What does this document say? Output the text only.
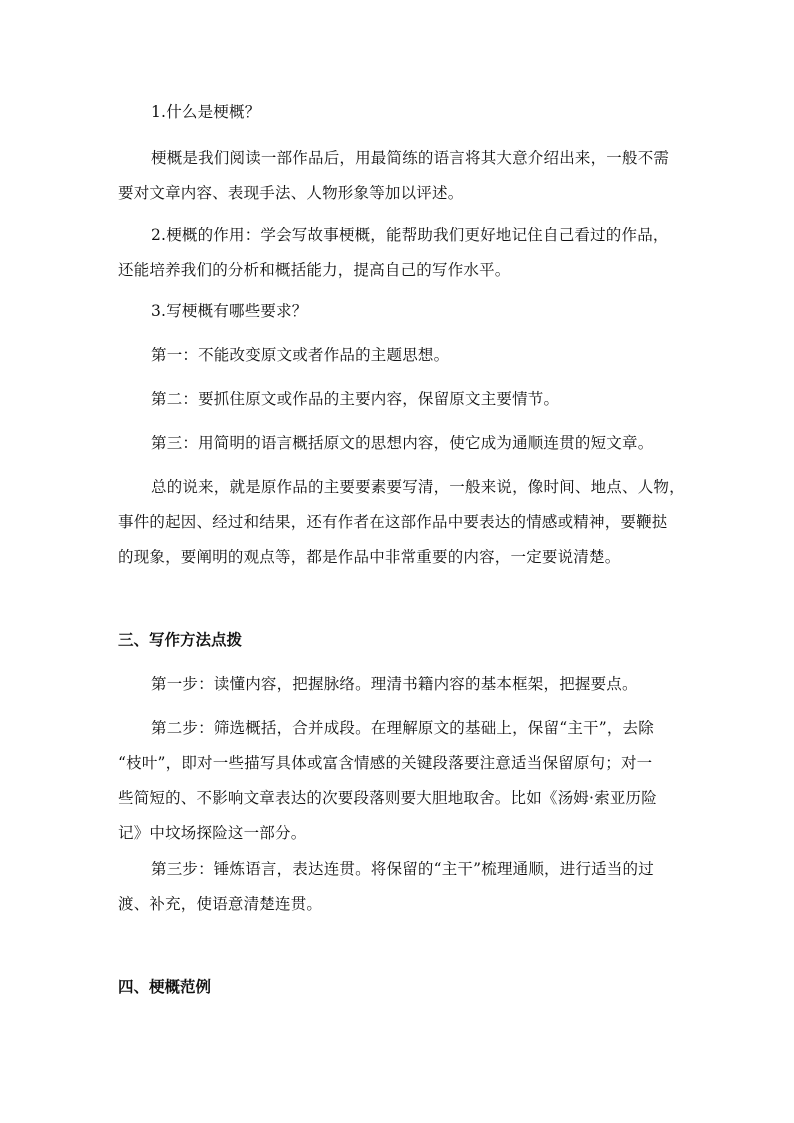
1.什么是梗概？
梗概是我们阅读一部作品后，用最简练的语言将其大意介绍出来，一般不需
要对文章内容、表现手法、人物形象等加以评述。
2.梗概的作用：学会写故事梗概，能帮助我们更好地记住自己看过的作品，
还能培养我们的分析和概括能力，提高自己的写作水平。
3.写梗概有哪些要求？
第一：不能改变原文或者作品的主题思想。
第二：要抓住原文或作品的主要内容，保留原文主要情节。
第三：用简明的语言概括原文的思想内容，使它成为通顺连贯的短文章。
总的说来，就是原作品的主要要素要写清，一般来说，像时间、地点、人物，
事件的起因、经过和结果，还有作者在这部作品中要表达的情感或精神，要鞭挞
的现象，要阐明的观点等，都是作品中非常重要的内容，一定要说清楚。
三、写作方法点拨
第一步：读懂内容，把握脉络。理清书籍内容的基本框架，把握要点。
第二步：筛选概括，合并成段。在理解原文的基础上，保留“主干”，去除
“枝叶”，即对一些描写具体或富含情感的关键段落要注意适当保留原句；对一
些简短的、不影响文章表达的次要段落则要大胆地取舍。比如《汤姆·索亚历险
记》中坟场探险这一部分。
第三步：锤炼语言，表达连贯。将保留的“主干”梳理通顺，进行适当的过
渡、补充，使语意清楚连贯。
四、梗概范例
